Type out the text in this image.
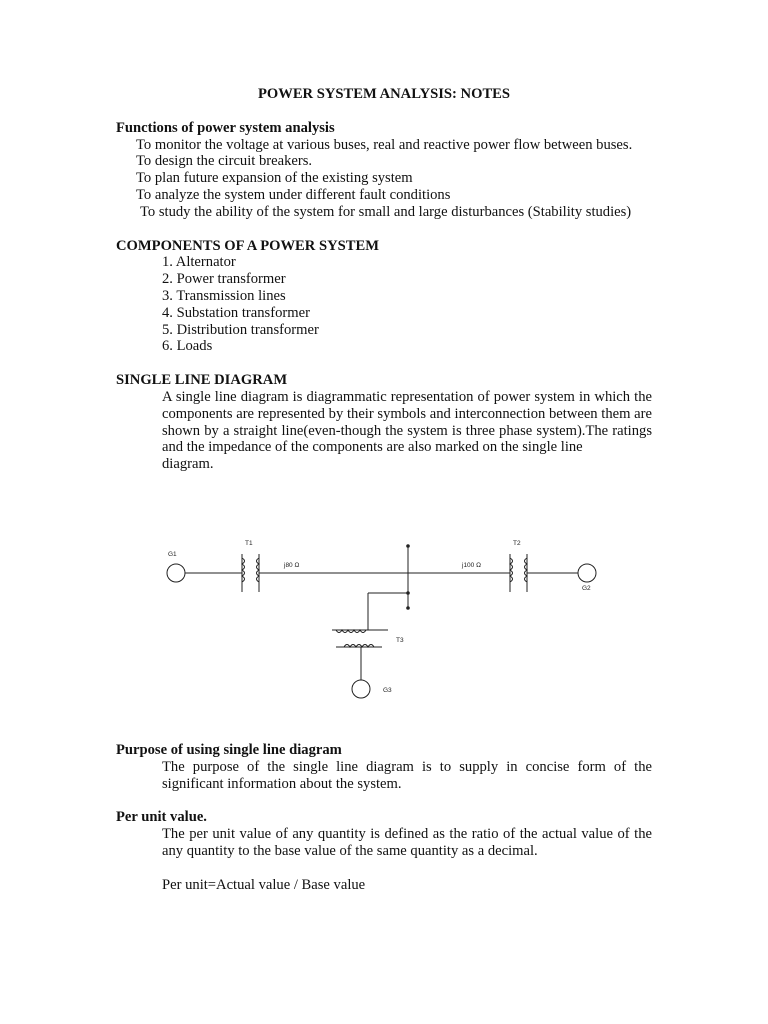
POWER SYSTEM ANALYSIS: NOTES
Functions of power system analysis
To monitor the voltage at various buses, real and reactive power flow between buses.
To design the circuit breakers.
To plan future expansion of the existing system
To analyze the system under different fault conditions
To study the ability of the system for small and large disturbances (Stability studies)
COMPONENTS OF A POWER SYSTEM
1. Alternator
2. Power transformer
3. Transmission lines
4. Substation transformer
5. Distribution transformer
6. Loads
SINGLE LINE DIAGRAM
A single line diagram is diagrammatic representation of power system in which the components are represented by their symbols and interconnection between them are shown by a straight line(even-though the system is three phase system).The ratings and the impedance of the components are also marked on the single line
diagram.
G1
T1
j80 Ω	j100 Ω
T2
G2
T3
G3
Purpose of using single line diagram
The purpose of the single line diagram is to supply in concise form of the significant information about the system.
Per unit value.
The per unit value of any quantity is defined as the ratio of the actual value of the any quantity to the base value of the same quantity as a decimal.
Per unit=Actual value / Base value
